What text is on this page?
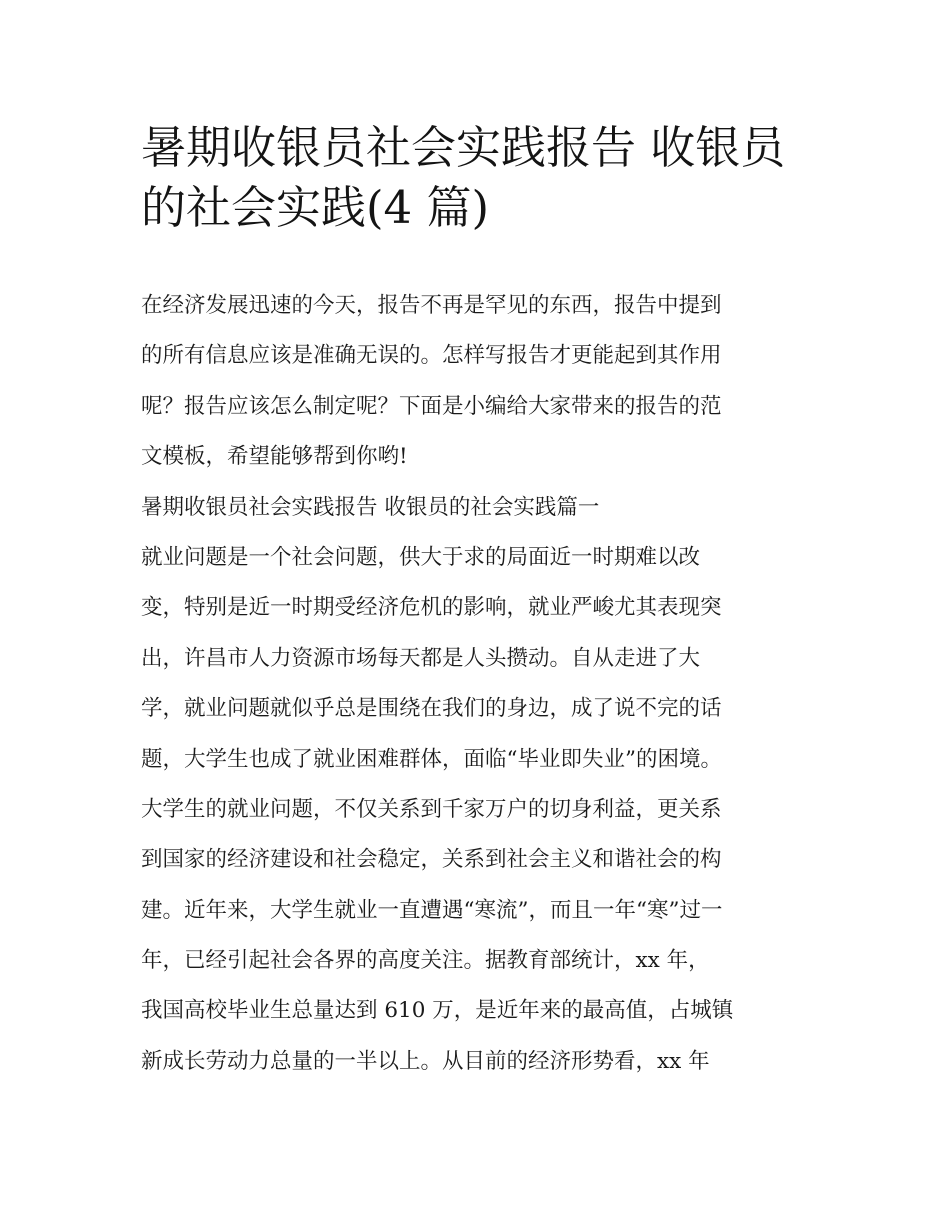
暑期收银员社会实践报告 收银员的社会实践(4 篇)
在经济发展迅速的今天，报告不再是罕见的东西，报告中提到
的所有信息应该是准确无误的。怎样写报告才更能起到其作用
呢？报告应该怎么制定呢？下面是小编给大家带来的报告的范
文模板，希望能够帮到你哟!
暑期收银员社会实践报告 收银员的社会实践篇一
就业问题是一个社会问题，供大于求的局面近一时期难以改
变，特别是近一时期受经济危机的影响，就业严峻尤其表现突
出，许昌市人力资源市场每天都是人头攒动。自从走进了大
学，就业问题就似乎总是围绕在我们的身边，成了说不完的话
题，大学生也成了就业困难群体，面临“毕业即失业”的困境。
大学生的就业问题，不仅关系到千家万户的切身利益，更关系
到国家的经济建设和社会稳定，关系到社会主义和谐社会的构
建。近年来，大学生就业一直遭遇“寒流”，而且一年“寒”过一
年，已经引起社会各界的高度关注。据教育部统计，xx 年，
我国高校毕业生总量达到 610 万，是近年来的最高值，占城镇
新成长劳动力总量的一半以上。从目前的经济形势看，xx 年
